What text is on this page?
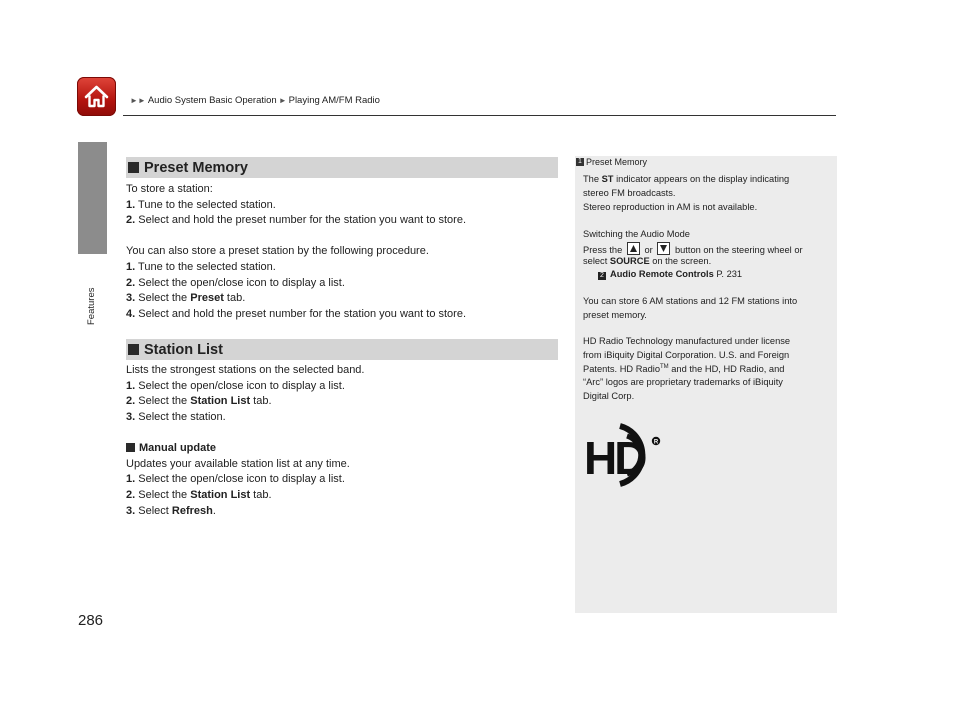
►► Audio System Basic Operation ► Playing AM/FM Radio
Features
286
Preset Memory
To store a station:
1. Tune to the selected station.
2. Select and hold the preset number for the station you want to store.
You can also store a preset station by the following procedure.
1. Tune to the selected station.
2. Select the open/close icon to display a list.
3. Select the Preset tab.
4. Select and hold the preset number for the station you want to store.
Station List
Lists the strongest stations on the selected band.
1. Select the open/close icon to display a list.
2. Select the Station List tab.
3. Select the station.
Manual update
Updates your available station list at any time.
1. Select the open/close icon to display a list.
2. Select the Station List tab.
3. Select Refresh.
1 Preset Memory
The ST indicator appears on the display indicating
stereo FM broadcasts.
Stereo reproduction in AM is not available.
Switching the Audio Mode
Press the or button on the steering wheel or
select SOURCE on the screen.
2 Audio Remote Controls P. 231
You can store 6 AM stations and 12 FM stations into
preset memory.
HD Radio Technology manufactured under license
from iBiquity Digital Corporation. U.S. and Foreign
Patents. HD Radio™ and the HD, HD Radio, and
“Arc” logos are proprietary trademarks of iBiquity
Digital Corp.
HD R
